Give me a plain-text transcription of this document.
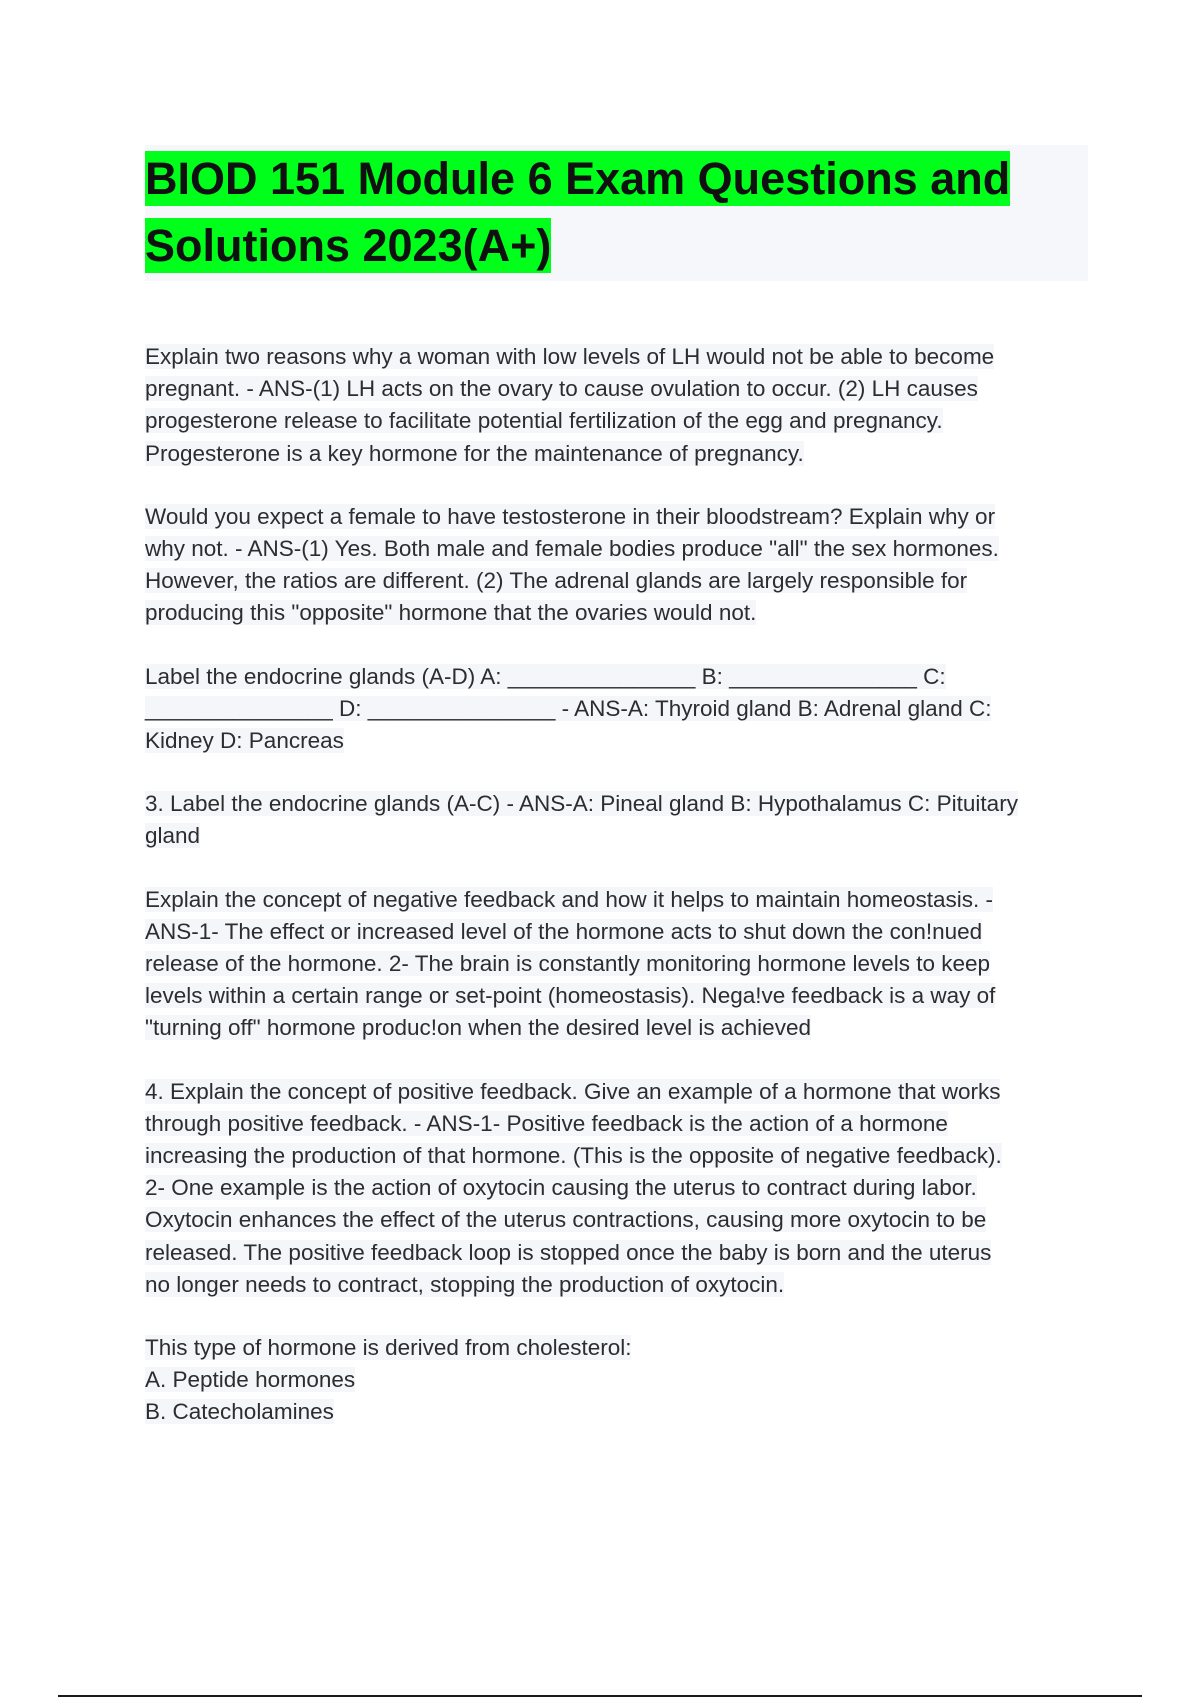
BIOD 151 Module 6 Exam Questions and
Solutions 2023(A+)

Explain two reasons why a woman with low levels of LH would not be able to become
pregnant. - ANS-(1) LH acts on the ovary to cause ovulation to occur. (2) LH causes
progesterone release to facilitate potential fertilization of the egg and pregnancy.
Progesterone is a key hormone for the maintenance of pregnancy.

Would you expect a female to have testosterone in their bloodstream? Explain why or
why not. - ANS-(1) Yes. Both male and female bodies produce "all" the sex hormones.
However, the ratios are different. (2) The adrenal glands are largely responsible for
producing this "opposite" hormone that the ovaries would not.

Label the endocrine glands (A-D) A: _______________ B: _______________ C:
_______________ D: _______________ - ANS-A: Thyroid gland B: Adrenal gland C:
Kidney D: Pancreas

3. Label the endocrine glands (A-C) - ANS-A: Pineal gland B: Hypothalamus C: Pituitary
gland

Explain the concept of negative feedback and how it helps to maintain homeostasis. -
ANS-1- The effect or increased level of the hormone acts to shut down the con!nued
release of the hormone. 2- The brain is constantly monitoring hormone levels to keep
levels within a certain range or set-point (homeostasis). Nega!ve feedback is a way of
"turning off" hormone produc!on when the desired level is achieved

4. Explain the concept of positive feedback. Give an example of a hormone that works
through positive feedback. - ANS-1- Positive feedback is the action of a hormone
increasing the production of that hormone. (This is the opposite of negative feedback).
2- One example is the action of oxytocin causing the uterus to contract during labor.
Oxytocin enhances the effect of the uterus contractions, causing more oxytocin to be
released. The positive feedback loop is stopped once the baby is born and the uterus
no longer needs to contract, stopping the production of oxytocin.

This type of hormone is derived from cholesterol:
A. Peptide hormones
B. Catecholamines
